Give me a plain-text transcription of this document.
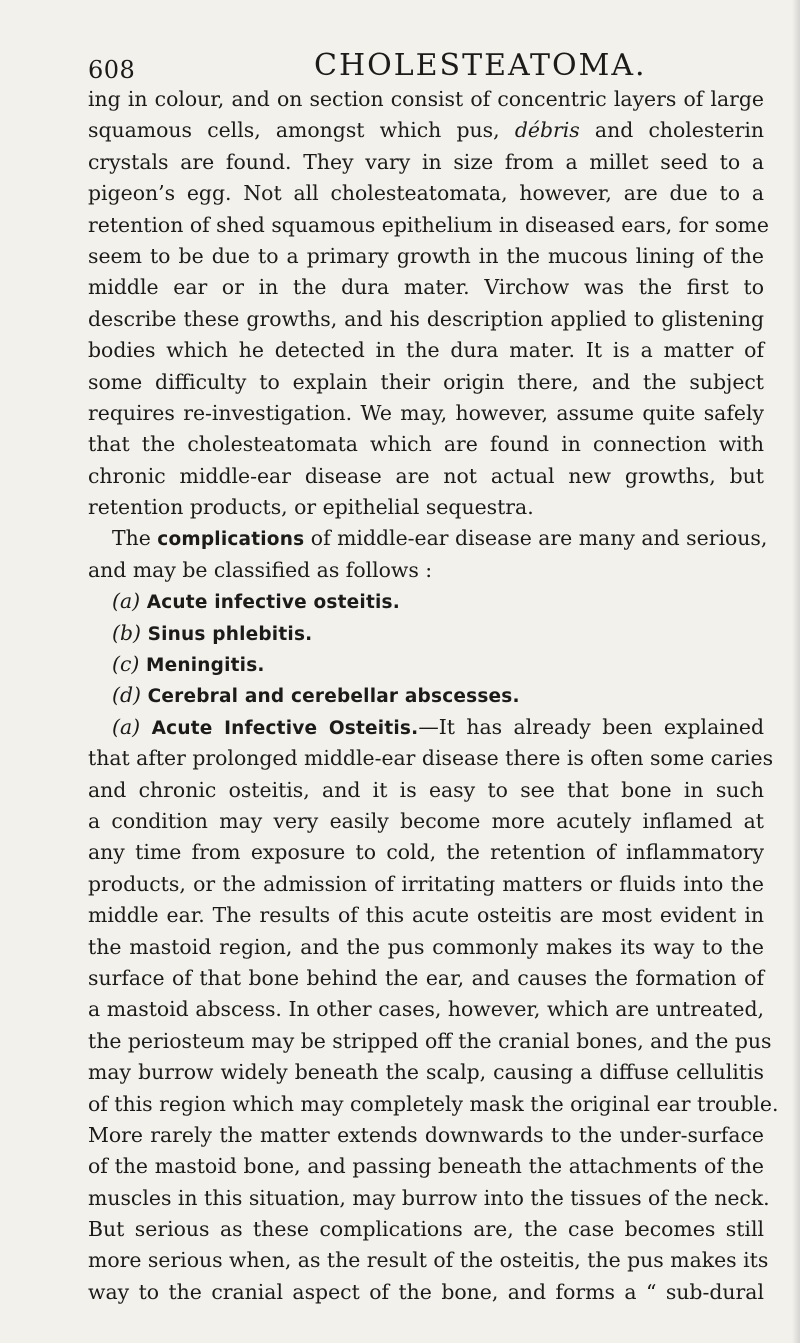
608	CHOLESTEATOMA.
ing in colour, and on section consist of concentric layers of large
squamous cells, amongst which pus, débris and cholesterin
crystals are found. They vary in size from a millet seed to a
pigeon’s egg. Not all cholesteatomata, however, are due to a
retention of shed squamous epithelium in diseased ears, for some
seem to be due to a primary growth in the mucous lining of the
middle ear or in the dura mater. Virchow was the first to
describe these growths, and his description applied to glistening
bodies which he detected in the dura mater. It is a matter of
some difficulty to explain their origin there, and the subject
requires re-investigation. We may, however, assume quite safely
that the cholesteatomata which are found in connection with
chronic middle-ear disease are not actual new growths, but
retention products, or epithelial sequestra.
The complications of middle-ear disease are many and serious,
and may be classified as follows :
(a) Acute infective osteitis.
(b) Sinus phlebitis.
(c) Meningitis.
(d) Cerebral and cerebellar abscesses.
(a) Acute Infective Osteitis.—It has already been explained
that after prolonged middle-ear disease there is often some caries
and chronic osteitis, and it is easy to see that bone in such
a condition may very easily become more acutely inflamed at
any time from exposure to cold, the retention of inflammatory
products, or the admission of irritating matters or fluids into the
middle ear. The results of this acute osteitis are most evident in
the mastoid region, and the pus commonly makes its way to the
surface of that bone behind the ear, and causes the formation of
a mastoid abscess. In other cases, however, which are untreated,
the periosteum may be stripped off the cranial bones, and the pus
may burrow widely beneath the scalp, causing a diffuse cellulitis
of this region which may completely mask the original ear trouble.
More rarely the matter extends downwards to the under-surface
of the mastoid bone, and passing beneath the attachments of the
muscles in this situation, may burrow into the tissues of the neck.
But serious as these complications are, the case becomes still
more serious when, as the result of the osteitis, the pus makes its
way to the cranial aspect of the bone, and forms a “ sub-dural
